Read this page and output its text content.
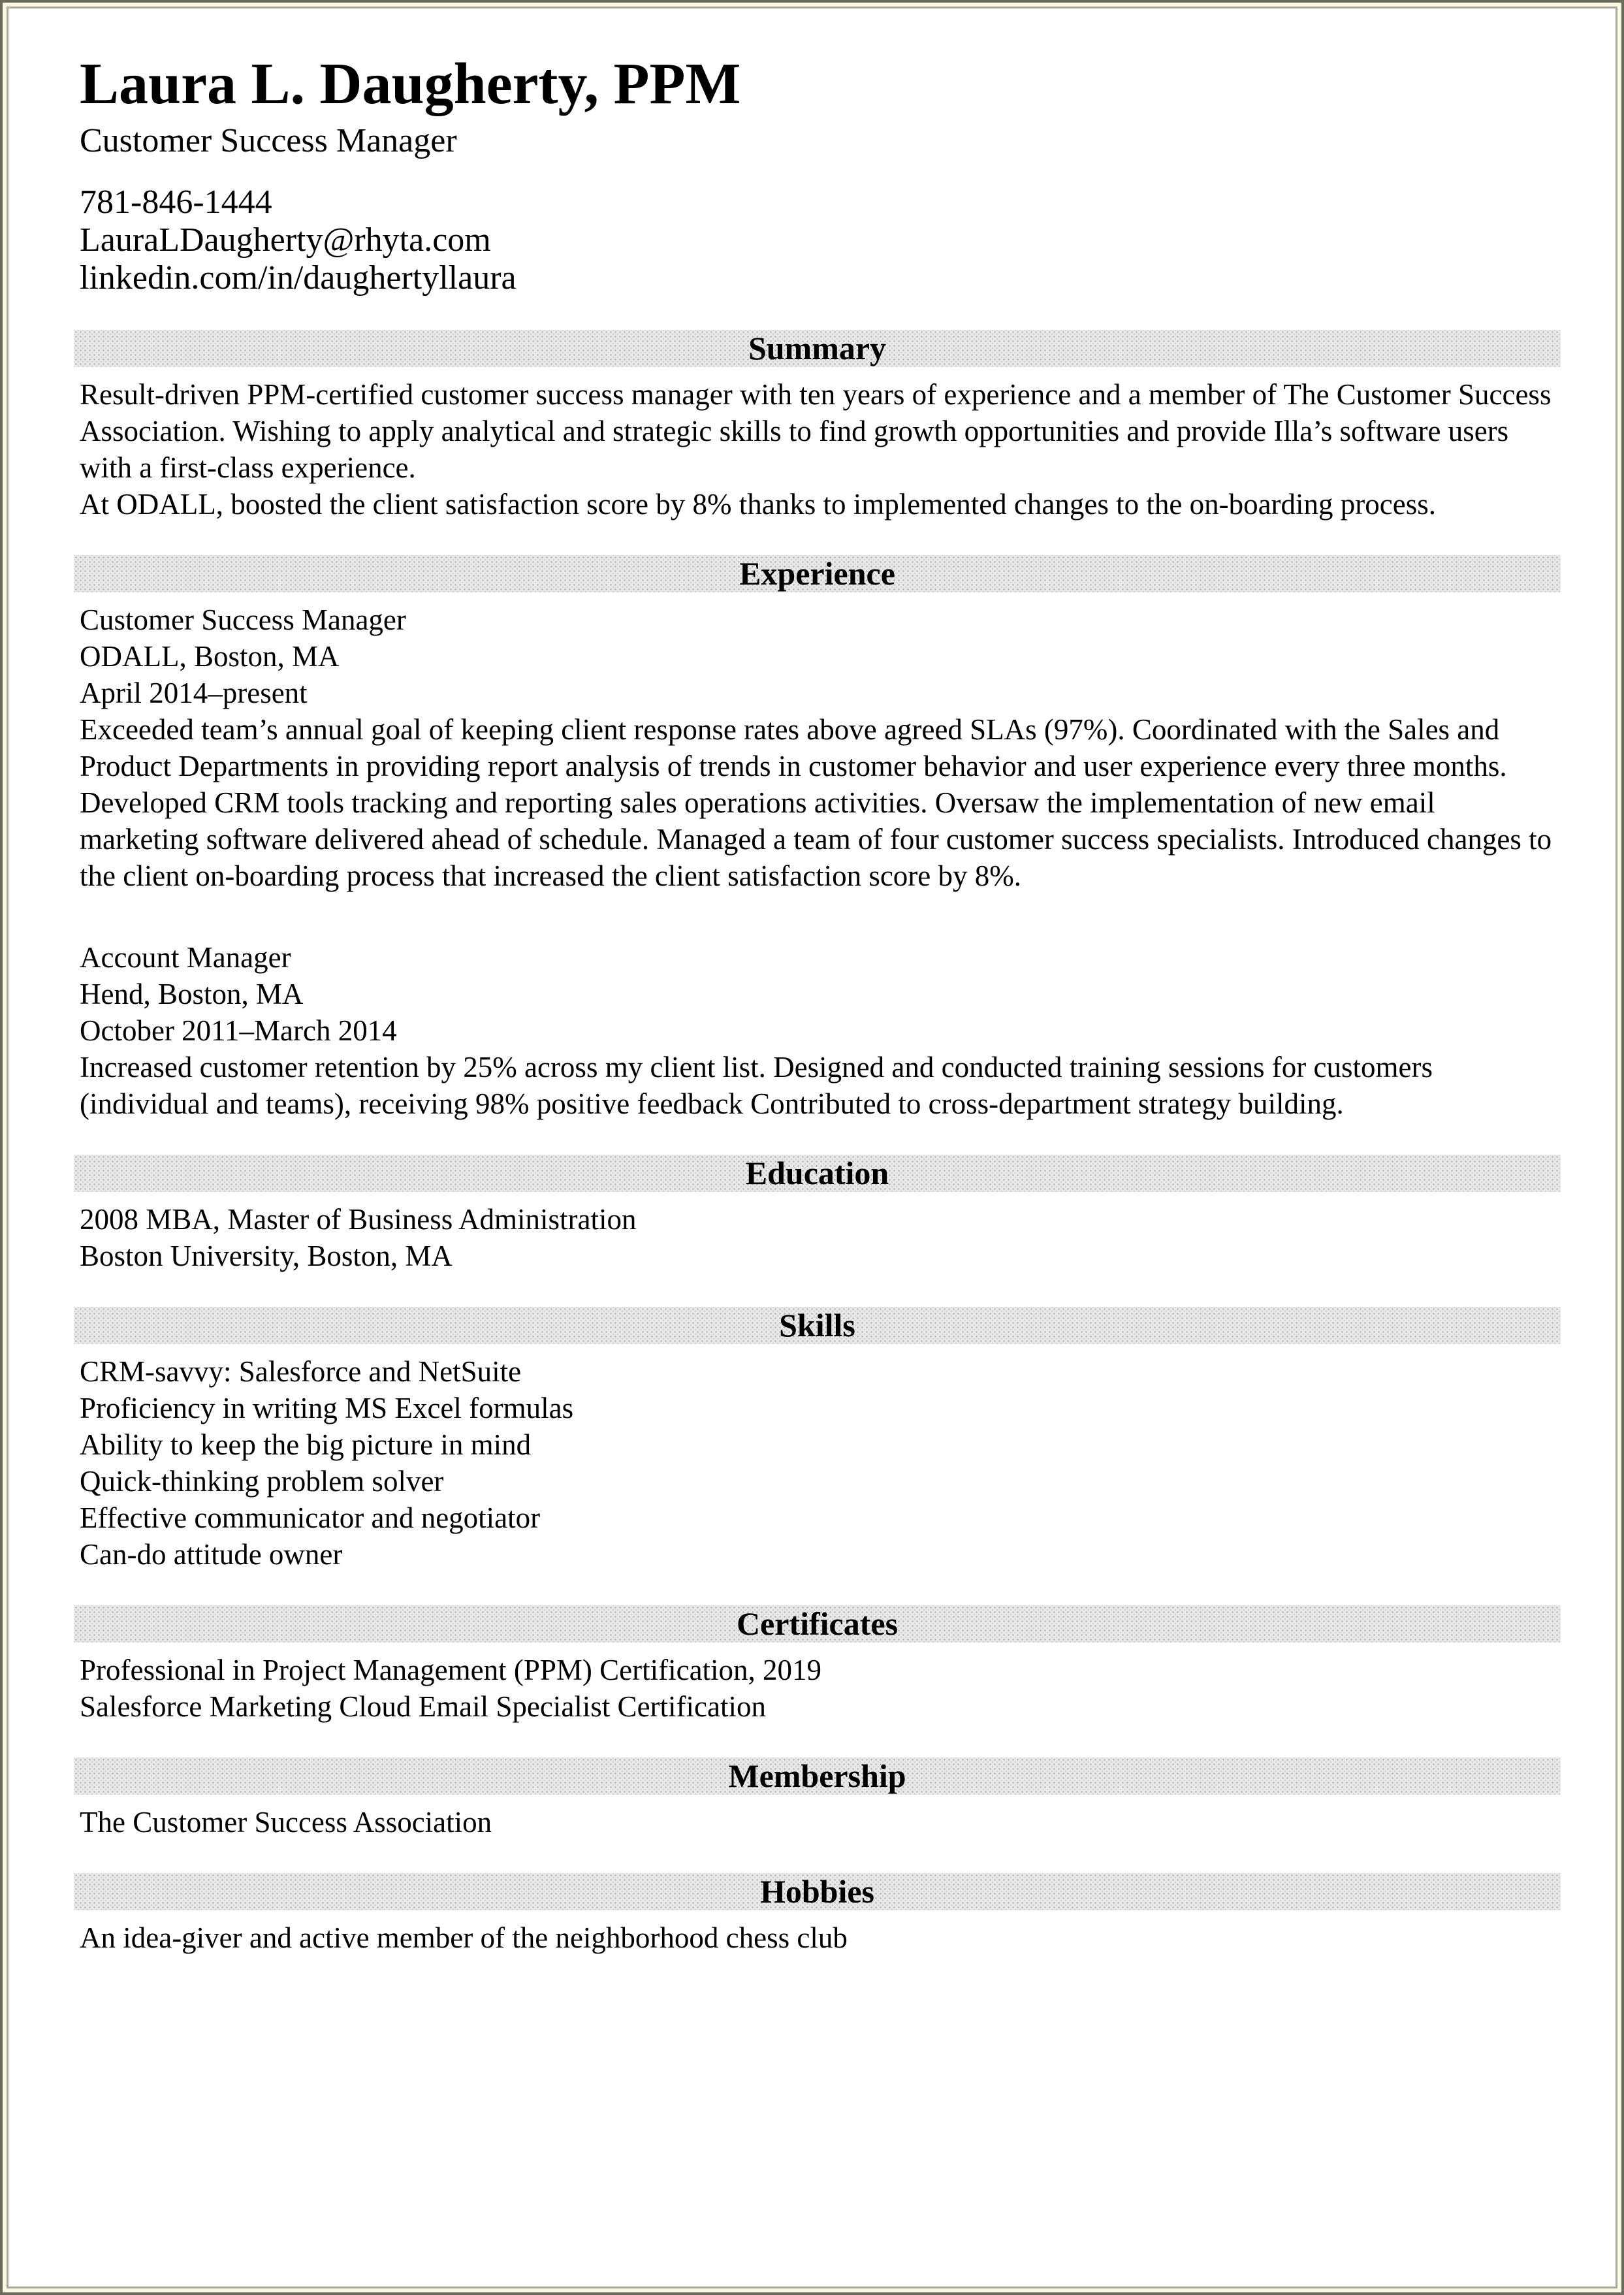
Laura L. Daugherty, PPM
Customer Success Manager
781-846-1444
LauraLDaugherty@rhyta.com
linkedin.com/in/daughertyllaura
Summary

Result-driven PPM-certified customer success manager with ten years of experience and a member of The Customer Success Association. Wishing to apply analytical and strategic skills to find growth opportunities and provide Illa’s software users with a first-class experience.

At ODALL, boosted the client satisfaction score by 8% thanks to implemented changes to the on-boarding process.

Experience

Customer Success Manager

ODALL, Boston, MA

April 2014–present

Exceeded team’s annual goal of keeping client response rates above agreed SLAs (97%). Coordinated with the Sales and Product Departments in providing report analysis of trends in customer behavior and user experience every three months. Developed CRM tools tracking and reporting sales operations activities. Oversaw the implementation of new email marketing software delivered ahead of schedule. Managed a team of four customer success specialists. Introduced changes to the client on-boarding process that increased the client satisfaction score by 8%.

Account Manager

Hend, Boston, MA

October 2011–March 2014

Increased customer retention by 25% across my client list. Designed and conducted training sessions for customers (individual and teams), receiving 98% positive feedback Contributed to cross-department strategy building.

Education

2008 MBA, Master of Business Administration

Boston University, Boston, MA

Skills

CRM-savvy: Salesforce and NetSuite

Proficiency in writing MS Excel formulas

Ability to keep the big picture in mind

Quick-thinking problem solver

Effective communicator and negotiator

Can-do attitude owner

Certificates

Professional in Project Management (PPM) Certification, 2019

Salesforce Marketing Cloud Email Specialist Certification

Membership

The Customer Success Association

Hobbies

An idea-giver and active member of the neighborhood chess club
